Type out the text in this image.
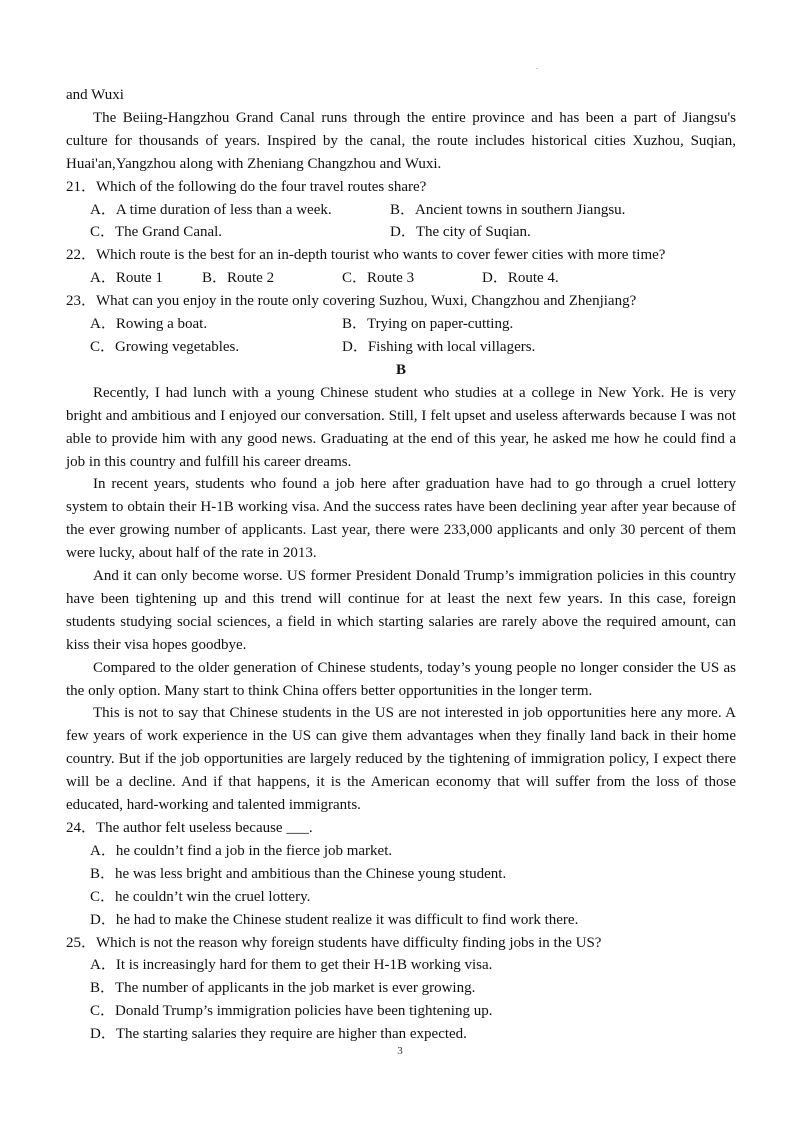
.

and Wuxi

The Beiing-Hangzhou Grand Canal runs through the entire province and has been a part of Jiangsu's culture for thousands of years. Inspired by the canal, the route includes historical cities Xuzhou, Suqian, Huai'an,Yangzhou along with Zheniang Changzhou and Wuxi.

21．Which of the following do the four travel routes share?

A．A time duration of less than a week.	B．Ancient towns in southern Jiangsu.
C．The Grand Canal.	D．The city of Suqian.

22．Which route is the best for an in-depth tourist who wants to cover fewer cities with more time?

A．Route 1	B．Route 2	C．Route 3	D．Route 4.

23．What can you enjoy in the route only covering Suzhou, Wuxi, Changzhou and Zhenjiang?

A．Rowing a boat.	B．Trying on paper-cutting.
C．Growing vegetables.	D．Fishing with local villagers.

B

Recently, I had lunch with a young Chinese student who studies at a college in New York. He is very bright and ambitious and I enjoyed our conversation. Still, I felt upset and useless afterwards because I was not able to provide him with any good news. Graduating at the end of this year, he asked me how he could find a job in this country and fulfill his career dreams.

In recent years, students who found a job here after graduation have had to go through a cruel lottery system to obtain their H-1B working visa. And the success rates have been declining year after year because of the ever growing number of applicants. Last year, there were 233,000 applicants and only 30 percent of them were lucky, about half of the rate in 2013.

And it can only become worse. US former President Donald Trump’s immigration policies in this country have been tightening up and this trend will continue for at least the next few years. In this case, foreign students studying social sciences, a field in which starting salaries are rarely above the required amount, can kiss their visa hopes goodbye.

Compared to the older generation of Chinese students, today’s young people no longer consider the US as the only option. Many start to think China offers better opportunities in the longer term.

This is not to say that Chinese students in the US are not interested in job opportunities here any more. A few years of work experience in the US can give them advantages when they finally land back in their home country. But if the job opportunities are largely reduced by the tightening of immigration policy, I expect there will be a decline. And if that happens, it is the American economy that will suffer from the loss of those educated, hard-working and talented immigrants.

24．The author felt useless because ___.

A．he couldn’t find a job in the fierce job market.

B．he was less bright and ambitious than the Chinese young student.

C．he couldn’t win the cruel lottery.

D．he had to make the Chinese student realize it was difficult to find work there.

25．Which is not the reason why foreign students have difficulty finding jobs in the US?

A．It is increasingly hard for them to get their H-1B working visa.

B．The number of applicants in the job market is ever growing.

C．Donald Trump’s immigration policies have been tightening up.

D．The starting salaries they require are higher than expected.

3
